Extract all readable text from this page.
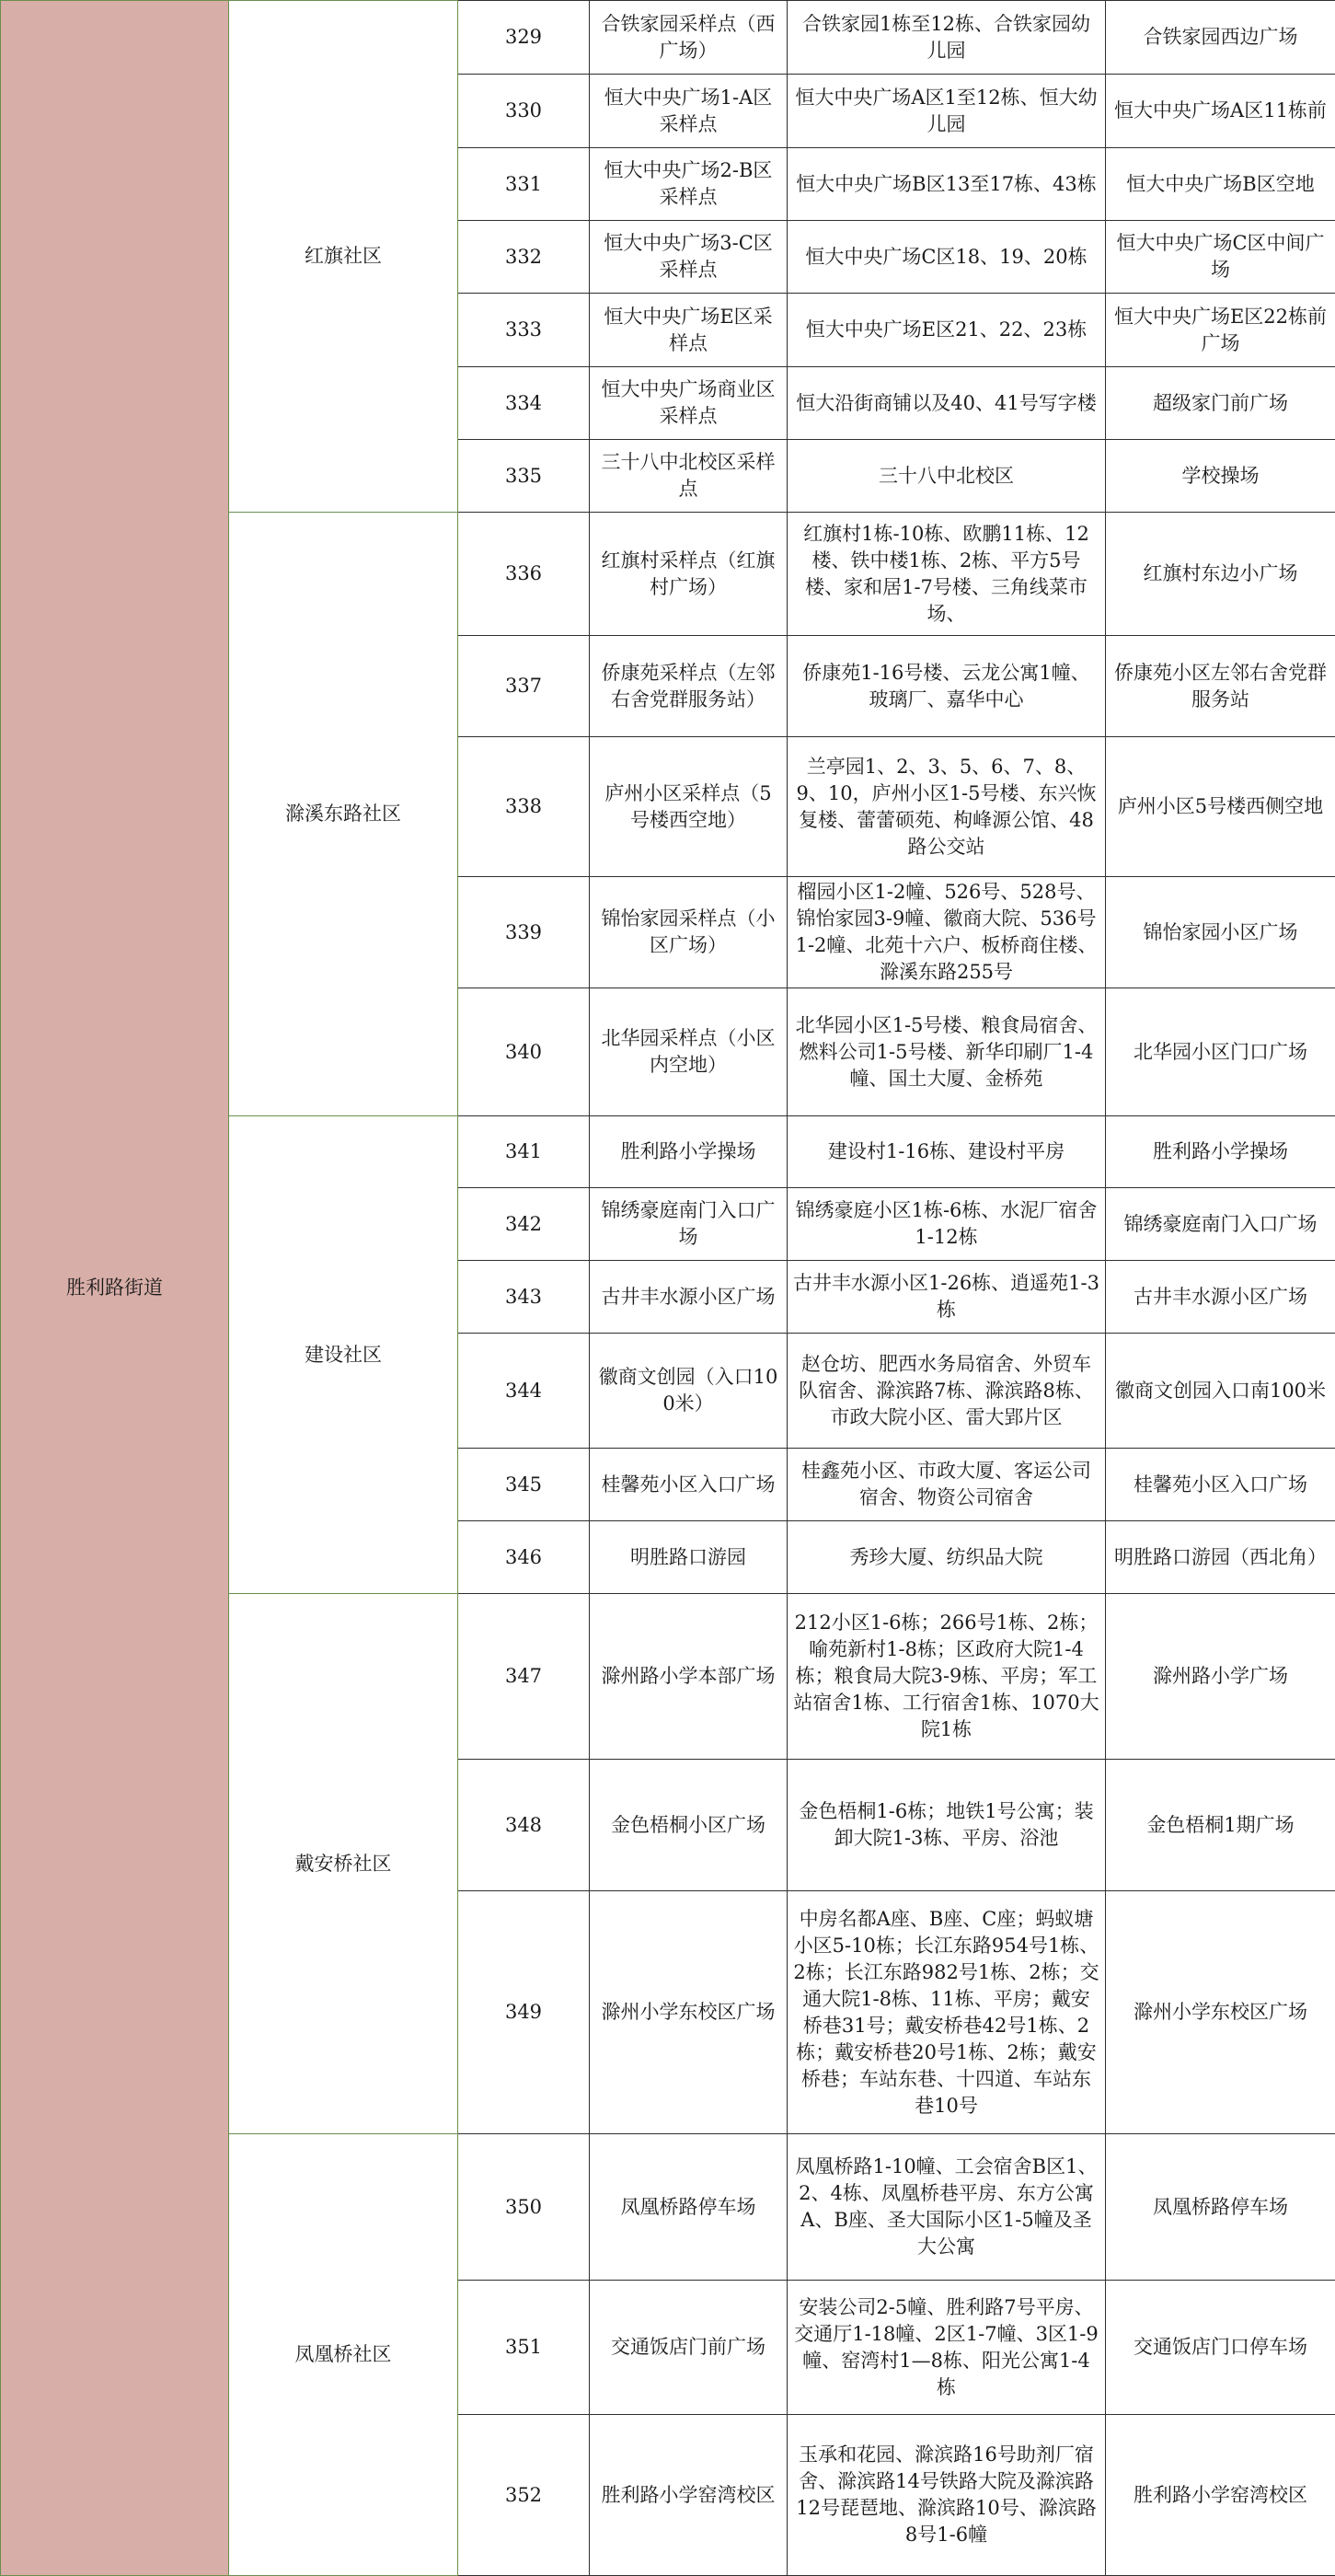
胜利路街道	红旗社区	329	合铁家园采样点（西广场）	合铁家园1栋至12栋、合铁家园幼儿园	合铁家园西边广场
		330	恒大中央广场1-A区采样点	恒大中央广场A区1至12栋、恒大幼儿园	恒大中央广场A区11栋前
		331	恒大中央广场2-B区采样点	恒大中央广场B区13至17栋、43栋	恒大中央广场B区空地
		332	恒大中央广场3-C区采样点	恒大中央广场C区18、19、20栋	恒大中央广场C区中间广场
		333	恒大中央广场E区采样点	恒大中央广场E区21、22、23栋	恒大中央广场E区22栋前广场
		334	恒大中央广场商业区采样点	恒大沿街商铺以及40、41号写字楼	超级家门前广场
		335	三十八中北校区采样点	三十八中北校区	学校操场
	滁溪东路社区	336	红旗村采样点（红旗村广场）	红旗村1栋-10栋、欧鹏11栋、12楼、铁中楼1栋、2栋、平方5号楼、家和居1-7号楼、三角线菜市场、	红旗村东边小广场
		337	侨康苑采样点（左邻右舍党群服务站）	侨康苑1-16号楼、云龙公寓1幢、玻璃厂、嘉华中心	侨康苑小区左邻右舍党群服务站
		338	庐州小区采样点（5号楼西空地）	兰亭园1、2、3、5、6、7、8、9、10，庐州小区1-5号楼、东兴恢复楼、蕾蕾硕苑、枸峰源公馆、48路公交站	庐州小区5号楼西侧空地
		339	锦怡家园采样点（小区广场）	榴园小区1-2幢、526号、528号、锦怡家园3-9幢、徽商大院、536号1-2幢、北苑十六户、板桥商住楼、滁溪东路255号	锦怡家园小区广场
		340	北华园采样点（小区内空地）	北华园小区1-5号楼、粮食局宿舍、燃料公司1-5号楼、新华印刷厂1-4幢、国土大厦、金桥苑	北华园小区门口广场
	建设社区	341	胜利路小学操场	建设村1-16栋、建设村平房	胜利路小学操场
		342	锦绣豪庭南门入口广场	锦绣豪庭小区1栋-6栋、水泥厂宿舍1-12栋	锦绣豪庭南门入口广场
		343	古井丰水源小区广场	古井丰水源小区1-26栋、逍遥苑1-3栋	古井丰水源小区广场
		344	徽商文创园（入口100米）	赵仓坊、肥西水务局宿舍、外贸车队宿舍、滁滨路7栋、滁滨路8栋、市政大院小区、雷大郢片区	徽商文创园入口南100米
		345	桂馨苑小区入口广场	桂鑫苑小区、市政大厦、客运公司宿舍、物资公司宿舍	桂馨苑小区入口广场
		346	明胜路口游园	秀珍大厦、纺织品大院	明胜路口游园（西北角）
	戴安桥社区	347	滁州路小学本部广场	212小区1-6栋；266号1栋、2栋；喻苑新村1-8栋；区政府大院1-4栋；粮食局大院3-9栋、平房；军工站宿舍1栋、工行宿舍1栋、1070大院1栋	滁州路小学广场
		348	金色梧桐小区广场	金色梧桐1-6栋；地铁1号公寓；装卸大院1-3栋、平房、浴池	金色梧桐1期广场
		349	滁州小学东校区广场	中房名都A座、B座、C座；蚂蚁塘小区5-10栋；长江东路954号1栋、2栋；长江东路982号1栋、2栋；交通大院1-8栋、11栋、平房；戴安桥巷31号；戴安桥巷42号1栋、2栋；戴安桥巷20号1栋、2栋；戴安桥巷；车站东巷、十四道、车站东巷10号	滁州小学东校区广场
	凤凰桥社区	350	凤凰桥路停车场	凤凰桥路1-10幢、工会宿舍B区1、2、4栋、凤凰桥巷平房、东方公寓A、B座、圣大国际小区1-5幢及圣大公寓	凤凰桥路停车场
		351	交通饭店门前广场	安装公司2-5幢、胜利路7号平房、交通厅1-18幢、2区1-7幢、3区1-9幢、窑湾村1—8栋、阳光公寓1-4栋	交通饭店门口停车场
		352	胜利路小学窑湾校区	玉承和花园、滁滨路16号助剂厂宿舍、滁滨路14号铁路大院及滁滨路12号琵琶地、滁滨路10号、滁滨路8号1-6幢	胜利路小学窑湾校区
